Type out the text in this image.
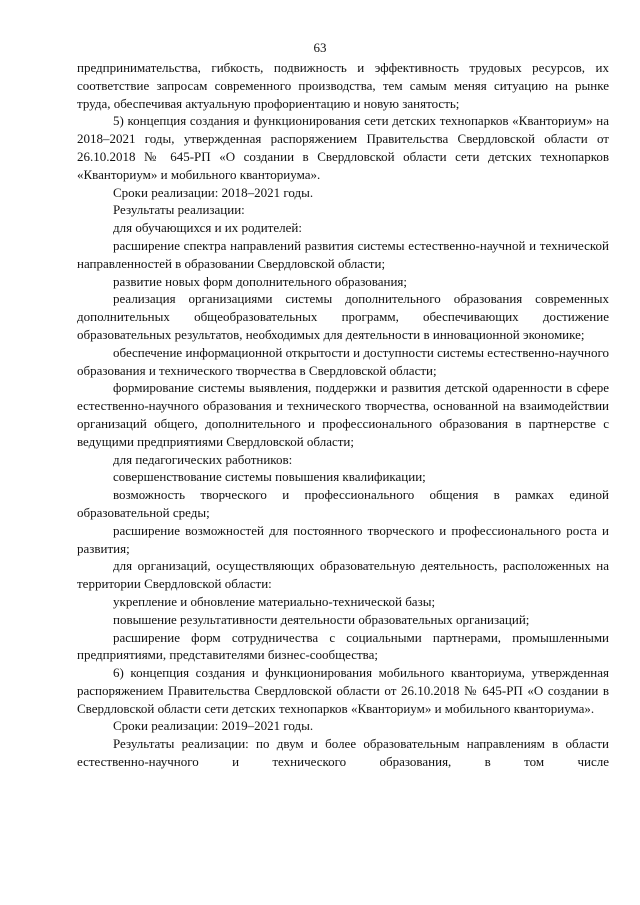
63

предпринимательства, гибкость, подвижность и эффективность трудовых ресурсов, их соответствие запросам современного производства, тем самым меняя ситуацию на рынке труда, обеспечивая актуальную профориентацию и новую занятость;

5) концепция создания и функционирования сети детских технопарков «Кванториум» на 2018–2021 годы, утвержденная распоряжением Правительства Свердловской области от 26.10.2018 № 645-РП «О создании в Свердловской области сети детских технопарков «Кванториум» и мобильного кванториума».

Сроки реализации: 2018–2021 годы.

Результаты реализации:

для обучающихся и их родителей:

расширение спектра направлений развития системы естественно-научной и технической направленностей в образовании Свердловской области;

развитие новых форм дополнительного образования;

реализация организациями системы дополнительного образования современных дополнительных общеобразовательных программ, обеспечивающих достижение образовательных результатов, необходимых для деятельности в инновационной экономике;

обеспечение информационной открытости и доступности системы естественно-научного образования и технического творчества в Свердловской области;

формирование системы выявления, поддержки и развития детской одаренности в сфере естественно-научного образования и технического творчества, основанной на взаимодействии организаций общего, дополнительного и профессионального образования в партнерстве с ведущими предприятиями Свердловской области;

для педагогических работников:

совершенствование системы повышения квалификации;

возможность творческого и профессионального общения в рамках единой образовательной среды;

расширение возможностей для постоянного творческого и профессионального роста и развития;

для организаций, осуществляющих образовательную деятельность, расположенных на территории Свердловской области:

укрепление и обновление материально-технической базы;

повышение результативности деятельности образовательных организаций;

расширение форм сотрудничества с социальными партнерами, промышленными предприятиями, представителями бизнес-сообщества;

6) концепция создания и функционирования мобильного кванториума, утвержденная распоряжением Правительства Свердловской области от 26.10.2018 № 645-РП «О создании в Свердловской области сети детских технопарков «Кванториум» и мобильного кванториума».

Сроки реализации: 2019–2021 годы.

Результаты реализации: по двум и более образовательным направлениям в области естественно-научного и технического образования, в том числе
